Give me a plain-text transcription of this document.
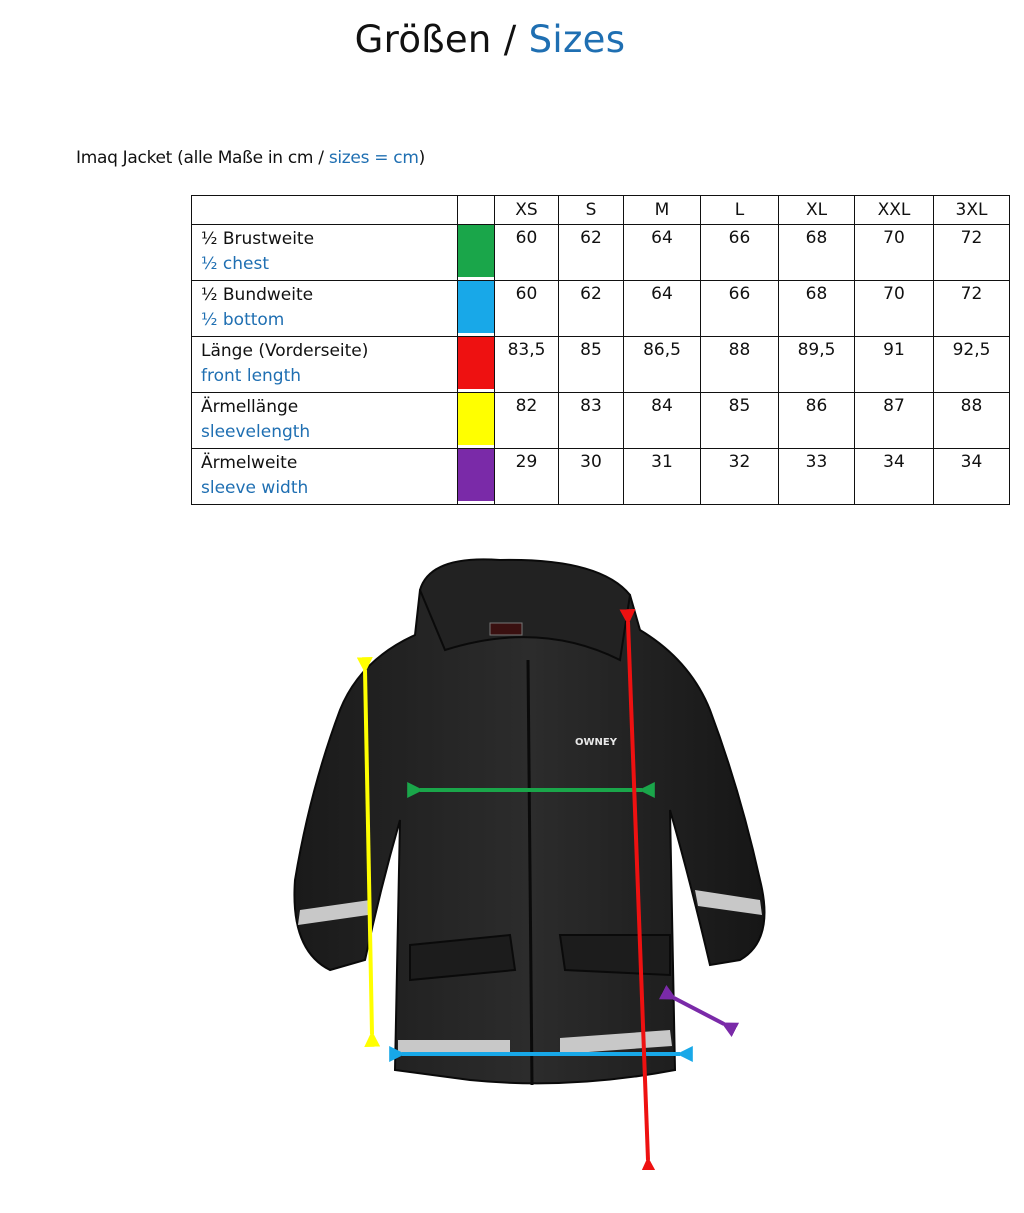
Größen / Sizes
Imaq Jacket (alle Maße in cm / sizes = cm)
		XS	S	M	L	XL	XXL	3XL
½ Brustweite
½ chest		60	62	64	66	68	70	72
½ Bundweite
½ bottom		60	62	64	66	68	70	72
Länge (Vorderseite)
front length		83,5	85	86,5	88	89,5	91	92,5
Ärmellänge
sleevelength		82	83	84	85	86	87	88
Ärmelweite
sleeve width		29	30	31	32	33	34	34
OWNEY
